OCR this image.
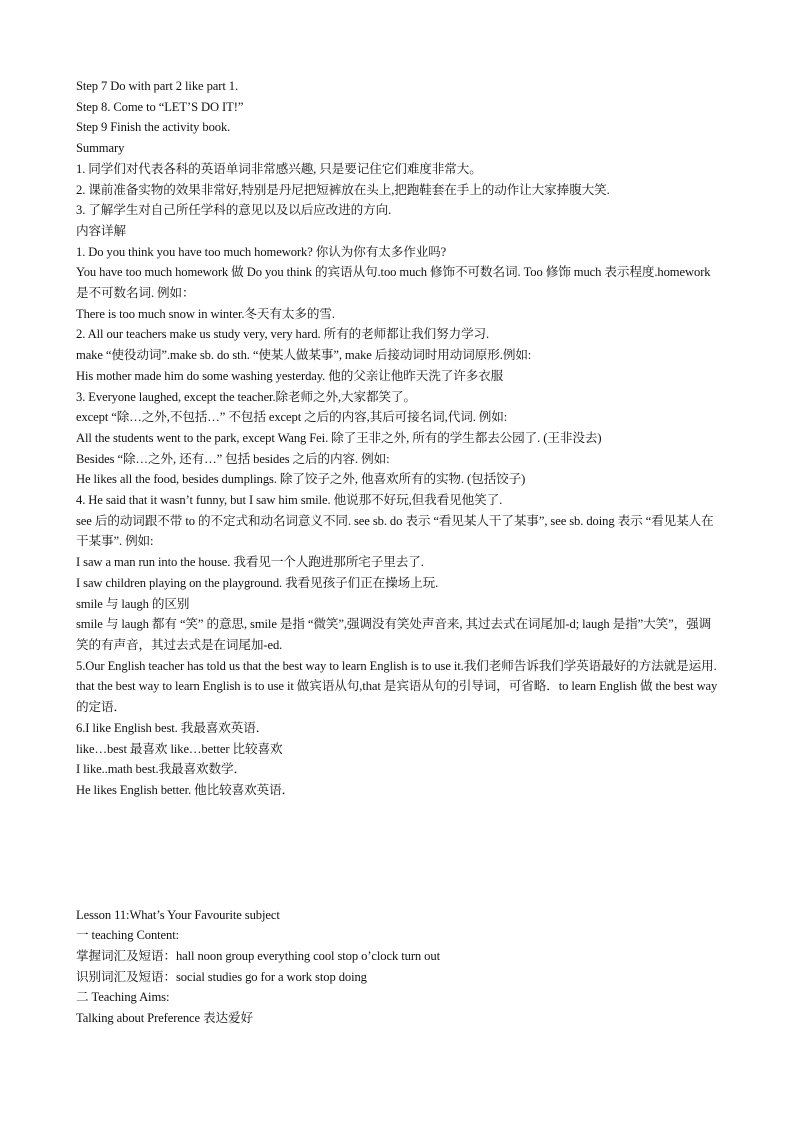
Step 7 Do with part 2 like part 1.
Step 8. Come to “LET’S DO IT!”
Step 9 Finish the activity book.
Summary
1. 同学们对代表各科的英语单词非常感兴趣, 只是要记住它们难度非常大。
2. 课前准备实物的效果非常好,特别是丹尼把短裤放在头上,把跑鞋套在手上的动作让大家捧腹大笑.
3. 了解学生对自己所任学科的意见以及以后应改进的方向.
内容详解
1. Do you think you have too much homework? 你认为你有太多作业吗?
You have too much homework 做 Do you think 的宾语从句.too much 修饰不可数名词. Too 修饰 much 表示程度.homework 是不可数名词. 例如：
There is too much snow in winter.冬天有太多的雪.
2. All our teachers make us study very, very hard. 所有的老师都让我们努力学习.
make “使役动词”.make sb. do sth. “使某人做某事”, make 后接动词时用动词原形.例如:
His mother made him do some washing yesterday. 他的父亲让他昨天洗了许多衣服
3. Everyone laughed, except the teacher.除老师之外,大家都笑了。
except “除…之外,不包括…” 不包括 except 之后的内容,其后可接名词,代词. 例如:
All the students went to the park, except Wang Fei. 除了王非之外, 所有的学生都去公园了. (王非没去)
Besides “除…之外, 还有…” 包括 besides 之后的内容. 例如:
He likes all the food, besides dumplings. 除了饺子之外, 他喜欢所有的实物. (包括饺子)
4. He said that it wasn’t funny, but I saw him smile. 他说那不好玩,但我看见他笑了.
see 后的动词跟不带 to 的不定式和动名词意义不同. see sb. do 表示 “看见某人干了某事”, see sb. doing 表示 “看见某人在干某事”. 例如:
I saw a man run into the house. 我看见一个人跑进那所宅子里去了.
I saw children playing on the playground. 我看见孩子们正在操场上玩.
smile 与 laugh 的区别
smile 与 laugh 都有 “笑” 的意思, smile 是指 “微笑”,强调没有笑处声音来, 其过去式在词尾加-d; laugh 是指”大笑”，强调笑的有声音，其过去式是在词尾加-ed.
5.Our English teacher has told us that the best way to learn English is to use it.我们老师告诉我们学英语最好的方法就是运用.
that the best way to learn English is to use it 做宾语从句,that 是宾语从句的引导词，可省略．to learn English 做 the best way 的定语．
6.I like English best. 我最喜欢英语．
like…best 最喜欢 like…better 比较喜欢
I like..math best.我最喜欢数学．
He likes English better. 他比较喜欢英语．
Lesson 11:What’s Your Favourite subject
一 teaching Content:
掌握词汇及短语：hall noon group everything cool stop o’clock turn out
识别词汇及短语：social studies go for a work stop doing
二 Teaching Aims:
Talking about Preference 表达爱好
